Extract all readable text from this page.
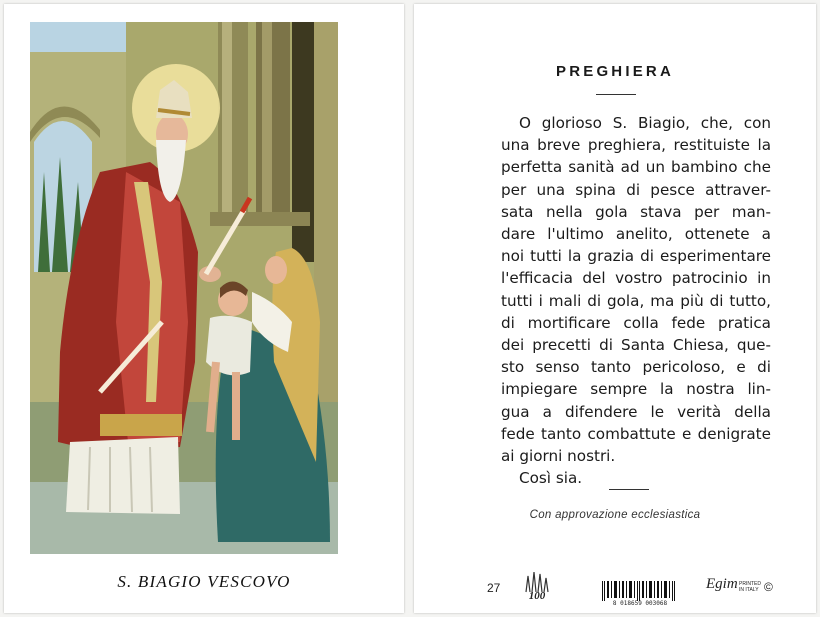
S. BIAGIO VESCOVO
PREGHIERA
O glorioso S. Biagio, che, con
una breve preghiera, restituiste la
perfetta sanità ad un bambino che
per una spina di pesce attraver-
sata nella gola stava per man-
dare l'ultimo anelito, ottenete a
noi tutti la grazia di esperimentare
l'efficacia del vostro patrocinio in
tutti i mali di gola, ma più di tutto,
di mortificare colla fede pratica
dei precetti di Santa Chiesa, que-
sto senso tanto pericoloso, e di
impiegare sempre la nostra lin-
gua a difendere le verità della
fede tanto combattute e denigrate
ai giorni nostri.
Così sia.
Con approvazione ecclesiastica
27
100
8 018659 003068
Egim PRINTED
IN ITALY ©
